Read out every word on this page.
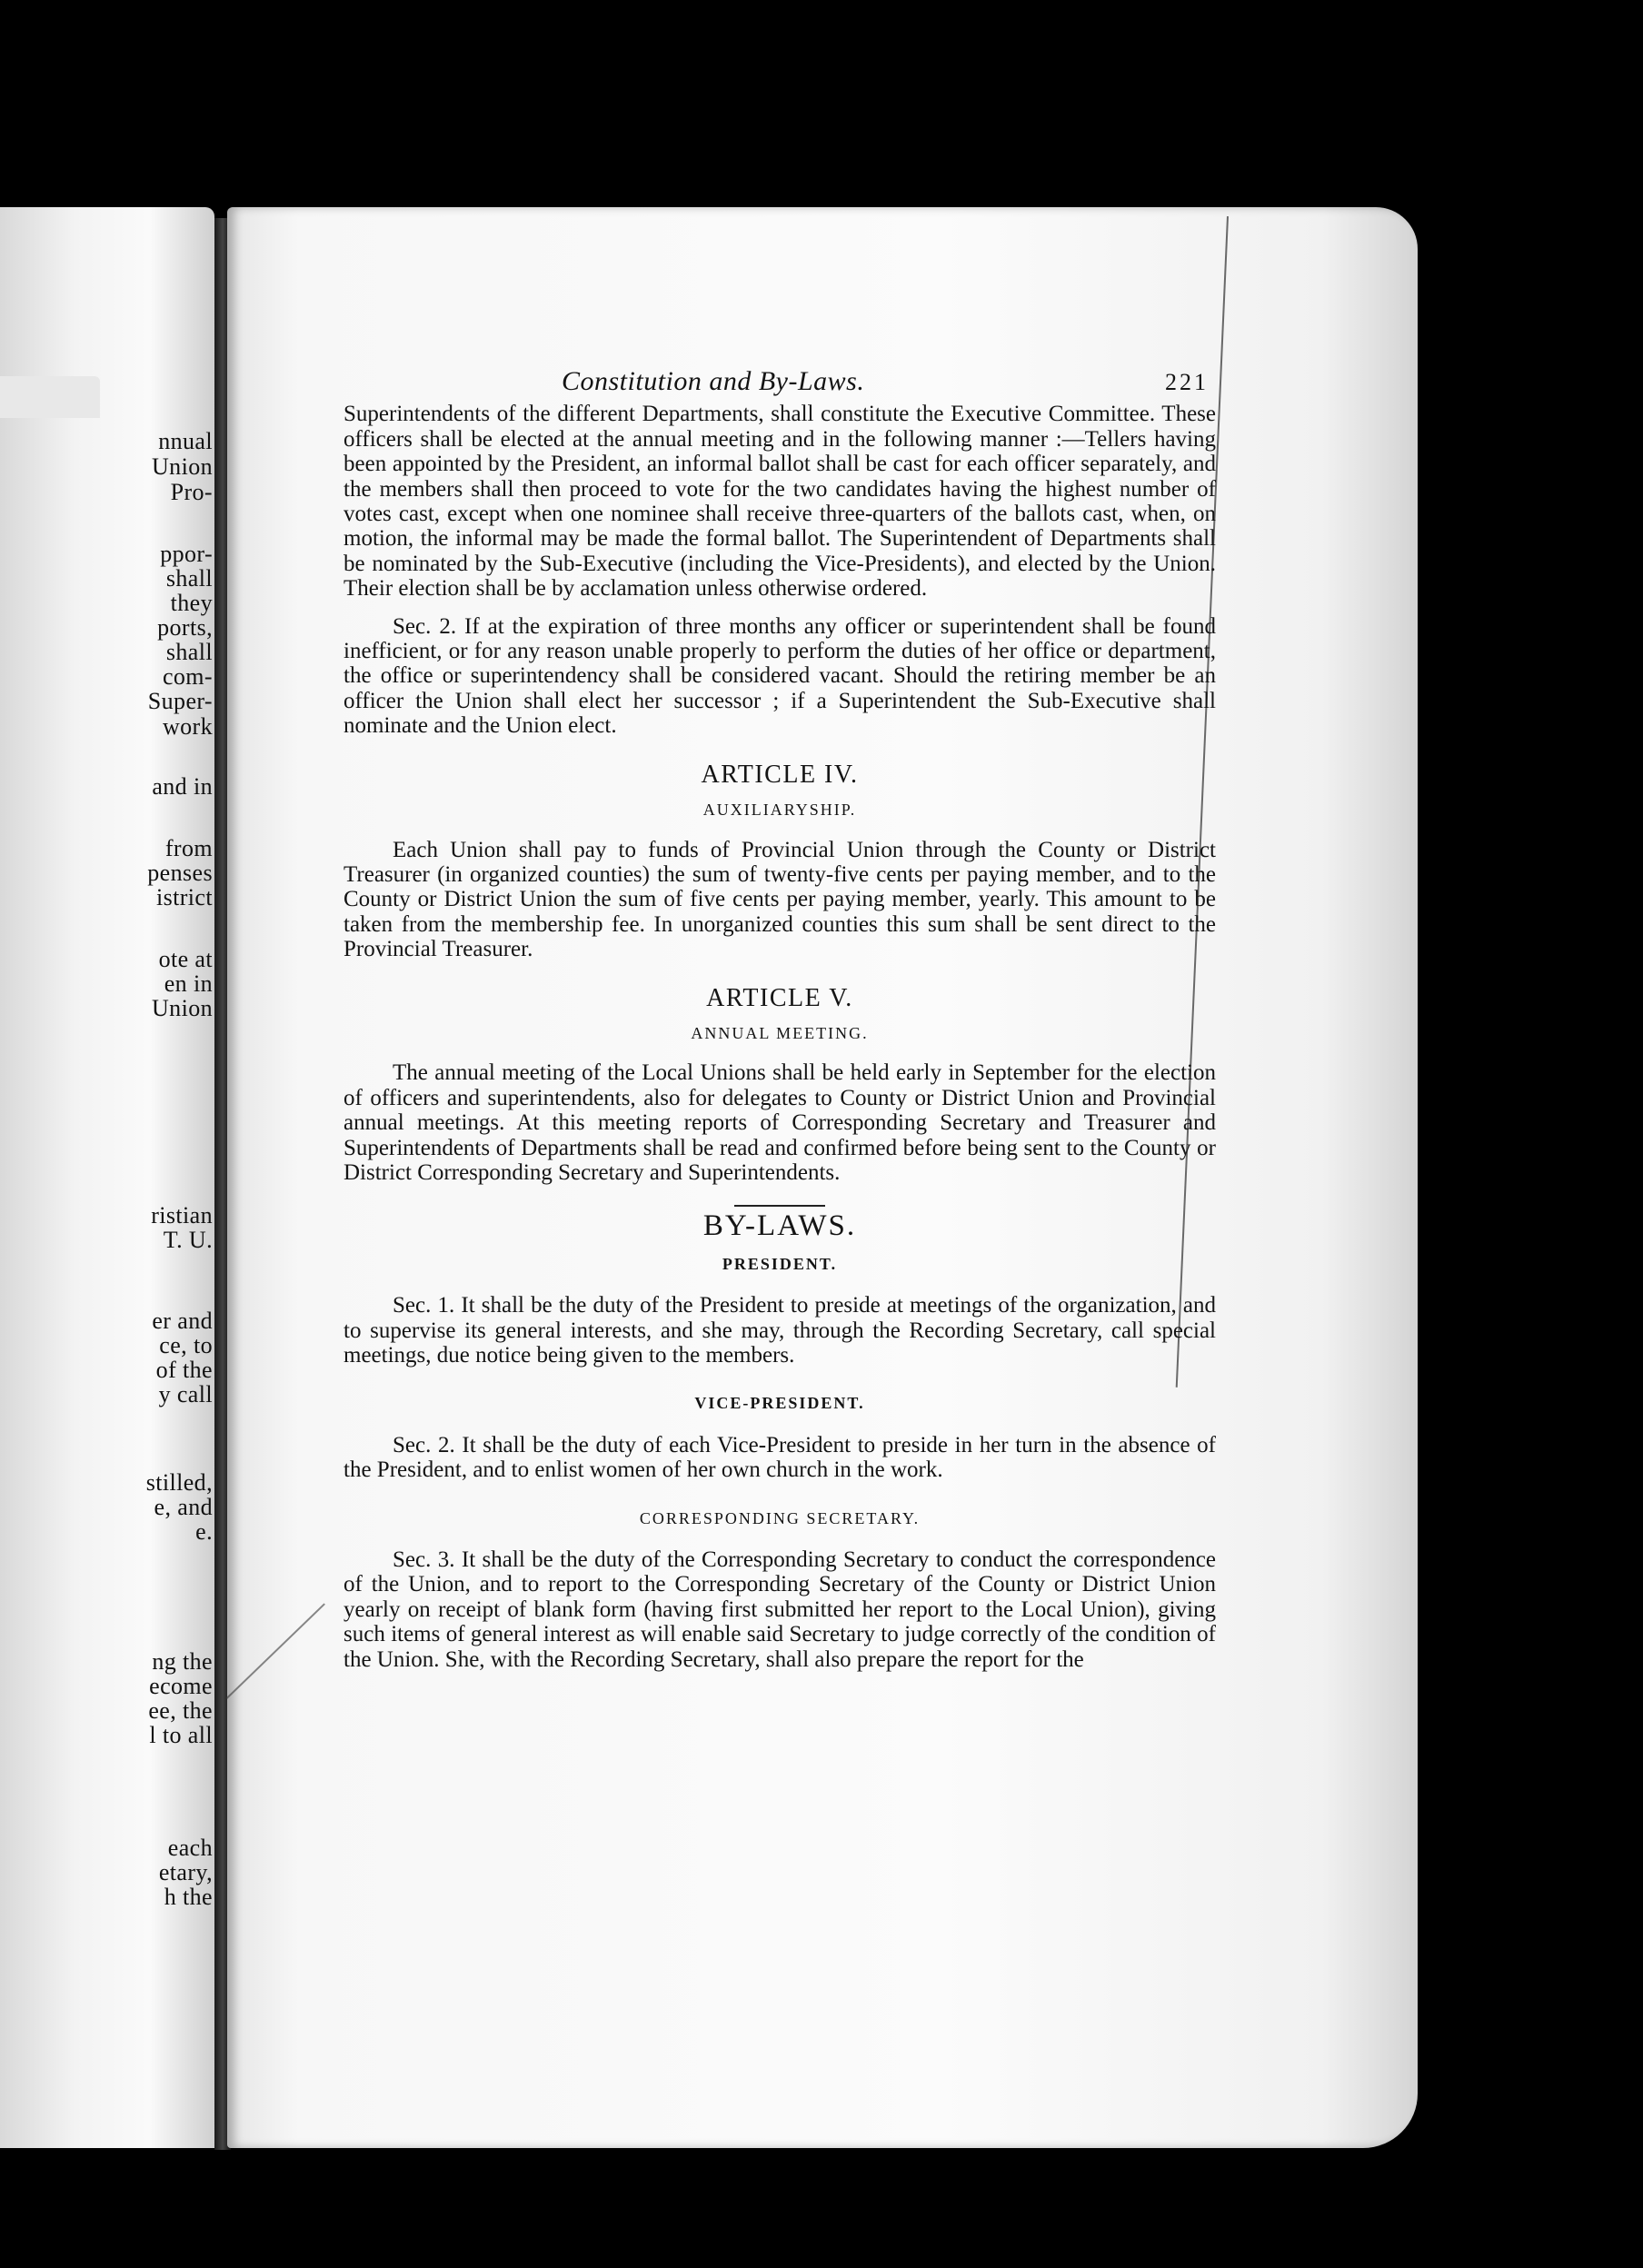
nnual
Union
Pro-
ppor-
shall
they
ports,
shall
com-
Super-
work
and in
from
penses
istrict
ote at
en in
Union
ristian
T. U.
er and
ce, to
of the
y call
stilled,
e, and
e.
ng the
ecome
ee, the
l to all
each
etary,
h the
Constitution and By-Laws.	221

Superintendents of the different Departments, shall constitute the Executive Committee. These officers shall be elected at the annual meeting and in the following manner :—Tellers having been appointed by the President, an informal ballot shall be cast for each officer separately, and the members shall then proceed to vote for the two candidates having the highest number of votes cast, except when one nominee shall receive three-quarters of the ballots cast, when, on motion, the informal may be made the formal ballot. The Superintendent of Departments shall be nominated by the Sub-Executive (including the Vice-Presidents), and elected by the Union. Their election shall be by acclamation unless otherwise ordered.

Sec. 2. If at the expiration of three months any officer or superintendent shall be found inefficient, or for any reason unable properly to perform the duties of her office or department, the office or superintendency shall be considered vacant. Should the retiring member be an officer the Union shall elect her successor ; if a Superintendent the Sub-Executive shall nominate and the Union elect.

ARTICLE IV.
AUXILIARYSHIP.

Each Union shall pay to funds of Provincial Union through the County or District Treasurer (in organized counties) the sum of twenty-five cents per paying member, and to the County or District Union the sum of five cents per paying member, yearly. This amount to be taken from the membership fee. In unorganized counties this sum shall be sent direct to the Provincial Treasurer.

ARTICLE V.
ANNUAL MEETING.

The annual meeting of the Local Unions shall be held early in September for the election of officers and superintendents, also for delegates to County or District Union and Provincial annual meetings. At this meeting reports of Corresponding Secretary and Treasurer and Superintendents of Departments shall be read and confirmed before being sent to the County or District Corresponding Secretary and Superintendents.

BY-LAWS.
PRESIDENT.

Sec. 1. It shall be the duty of the President to preside at meetings of the organization, and to supervise its general interests, and she may, through the Recording Secretary, call special meetings, due notice being given to the members.

VICE-PRESIDENT.

Sec. 2. It shall be the duty of each Vice-President to preside in her turn in the absence of the President, and to enlist women of her own church in the work.

CORRESPONDING SECRETARY.

Sec. 3. It shall be the duty of the Corresponding Secretary to conduct the correspondence of the Union, and to report to the Corresponding Secretary of the County or District Union yearly on receipt of blank form (having first submitted her report to the Local Union), giving such items of general interest as will enable said Secretary to judge correctly of the condition of the Union. She, with the Recording Secretary, shall also prepare the report for the
